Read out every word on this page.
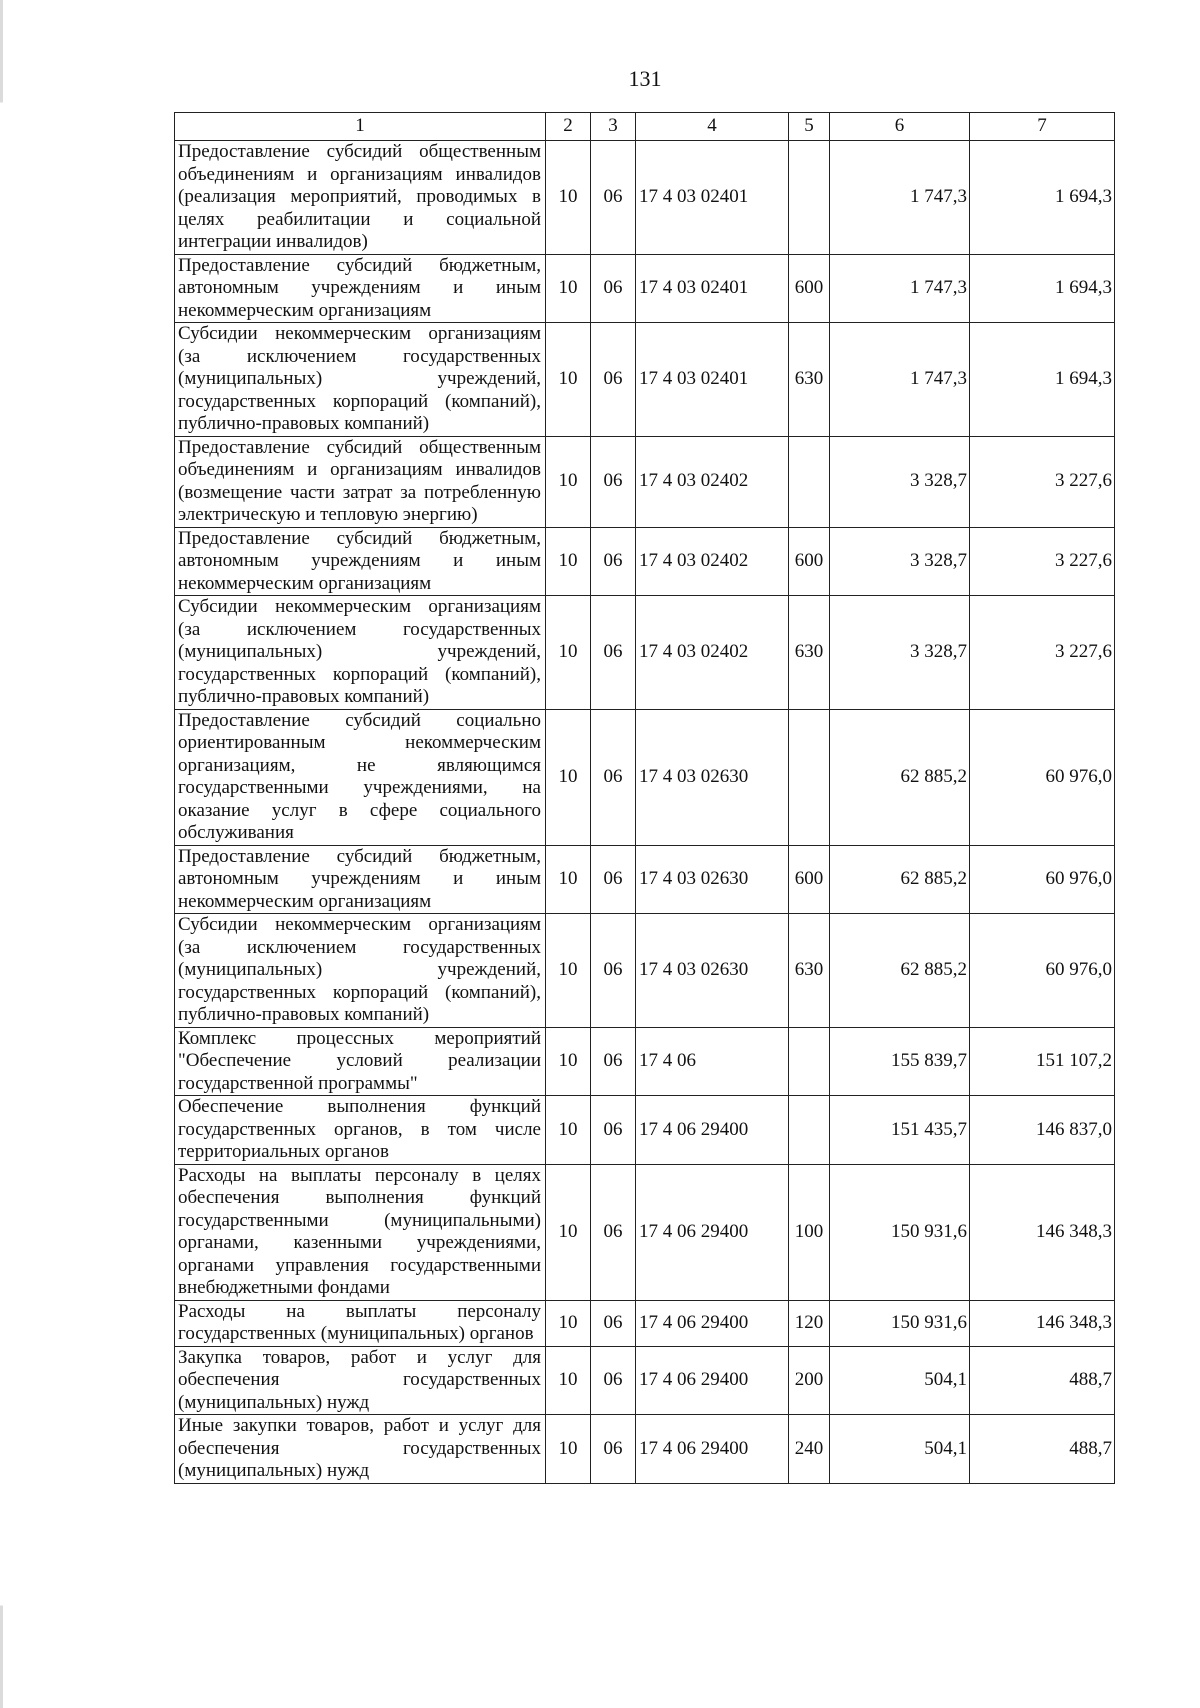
131
1	2	3	4	5	6	7
Предоставление субсидий общественным объединениям и организациям инвалидов (реализация мероприятий, проводимых в целях реабилитации и социальной интеграции инвалидов)	10	06	17 4 03 02401		1 747,3	1 694,3
Предоставление субсидий бюджетным, автономным учреждениям и иным некоммерческим организациям	10	06	17 4 03 02401	600	1 747,3	1 694,3
Субсидии некоммерческим организациям (за исключением государственных (муниципальных) учреждений, государственных корпораций (компаний), публично-правовых компаний)	10	06	17 4 03 02401	630	1 747,3	1 694,3
Предоставление субсидий общественным объединениям и организациям инвалидов (возмещение части затрат за потребленную электрическую и тепловую энергию)	10	06	17 4 03 02402		3 328,7	3 227,6
Предоставление субсидий бюджетным, автономным учреждениям и иным некоммерческим организациям	10	06	17 4 03 02402	600	3 328,7	3 227,6
Субсидии некоммерческим организациям (за исключением государственных (муниципальных) учреждений, государственных корпораций (компаний), публично-правовых компаний)	10	06	17 4 03 02402	630	3 328,7	3 227,6
Предоставление субсидий социально ориентированным некоммерческим организациям, не являющимся государственными учреждениями, на оказание услуг в сфере социального обслуживания	10	06	17 4 03 02630		62 885,2	60 976,0
Предоставление субсидий бюджетным, автономным учреждениям и иным некоммерческим организациям	10	06	17 4 03 02630	600	62 885,2	60 976,0
Субсидии некоммерческим организациям (за исключением государственных (муниципальных) учреждений, государственных корпораций (компаний), публично-правовых компаний)	10	06	17 4 03 02630	630	62 885,2	60 976,0
Комплекс процессных мероприятий "Обеспечение условий реализации государственной программы"	10	06	17 4 06		155 839,7	151 107,2
Обеспечение выполнения функций государственных органов, в том числе территориальных органов	10	06	17 4 06 29400		151 435,7	146 837,0
Расходы на выплаты персоналу в целях обеспечения выполнения функций государственными (муниципальными) органами, казенными учреждениями, органами управления государственными внебюджетными фондами	10	06	17 4 06 29400	100	150 931,6	146 348,3
Расходы на выплаты персоналу государственных (муниципальных) органов	10	06	17 4 06 29400	120	150 931,6	146 348,3
Закупка товаров, работ и услуг для обеспечения государственных (муниципальных) нужд	10	06	17 4 06 29400	200	504,1	488,7
Иные закупки товаров, работ и услуг для обеспечения государственных (муниципальных) нужд	10	06	17 4 06 29400	240	504,1	488,7
